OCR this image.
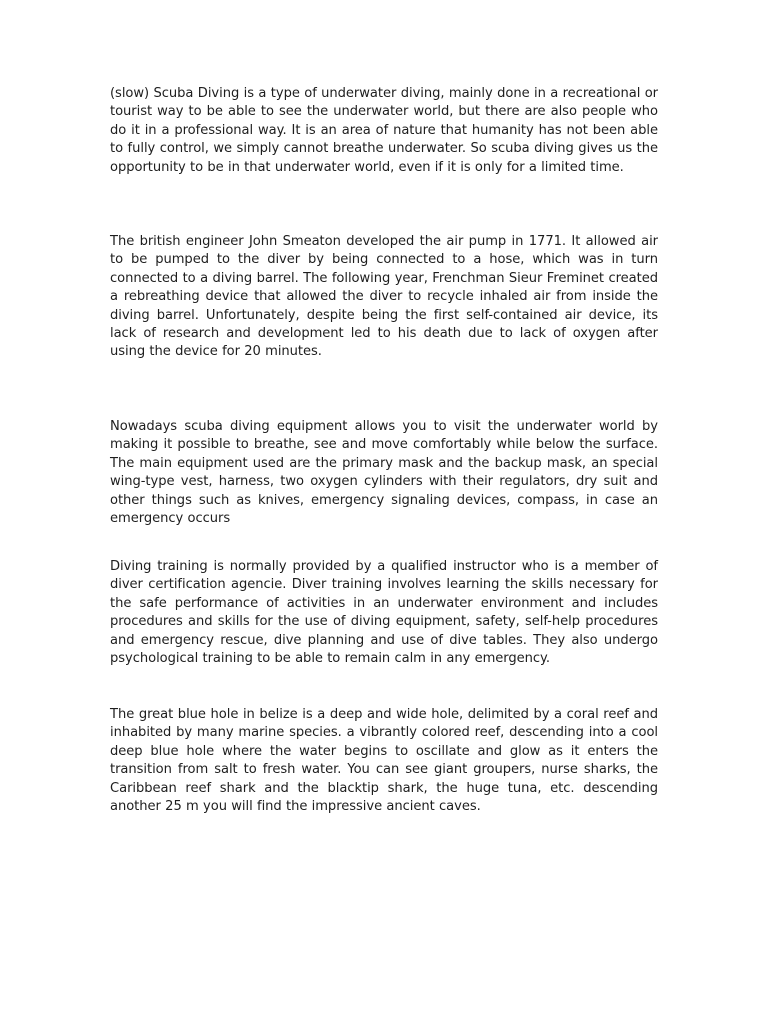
(slow) Scuba Diving is a type of underwater diving, mainly done in a recreational or tourist way to be able to see the underwater world, but there are also people who do it in a professional way. It is an area of nature that humanity has not been able to fully control, we simply cannot breathe underwater. So scuba diving gives us the opportunity to be in that underwater world, even if it is only for a limited time.

The british engineer John Smeaton developed the air pump in 1771. It allowed air to be pumped to the diver by being connected to a hose, which was in turn connected to a diving barrel. The following year, Frenchman Sieur Freminet created a rebreathing device that allowed the diver to recycle inhaled air from inside the diving barrel. Unfortunately, despite being the first self-contained air device, its lack of research and development led to his death due to lack of oxygen after using the device for 20 minutes.

Nowadays scuba diving equipment allows you to visit the underwater world by making it possible to breathe, see and move comfortably while below the surface. The main equipment used are the primary mask and the backup mask, an special wing-type vest, harness, two oxygen cylinders with their regulators, dry suit and other things such as knives, emergency signaling devices, compass, in case an emergency occurs

Diving training is normally provided by a qualified instructor who is a member of diver certification agencie. Diver training involves learning the skills necessary for the safe performance of activities in an underwater environment and includes procedures and skills for the use of diving equipment, safety, self-help procedures and emergency rescue, dive planning and use of dive tables. They also undergo psychological training to be able to remain calm in any emergency.

The great blue hole in belize is a deep and wide hole, delimited by a coral reef and inhabited by many marine species. a vibrantly colored reef, descending into a cool deep blue hole where the water begins to oscillate and glow as it enters the transition from salt to fresh water. You can see giant groupers, nurse sharks, the Caribbean reef shark and the blacktip shark, the huge tuna, etc. descending another 25 m you will find the impressive ancient caves.
